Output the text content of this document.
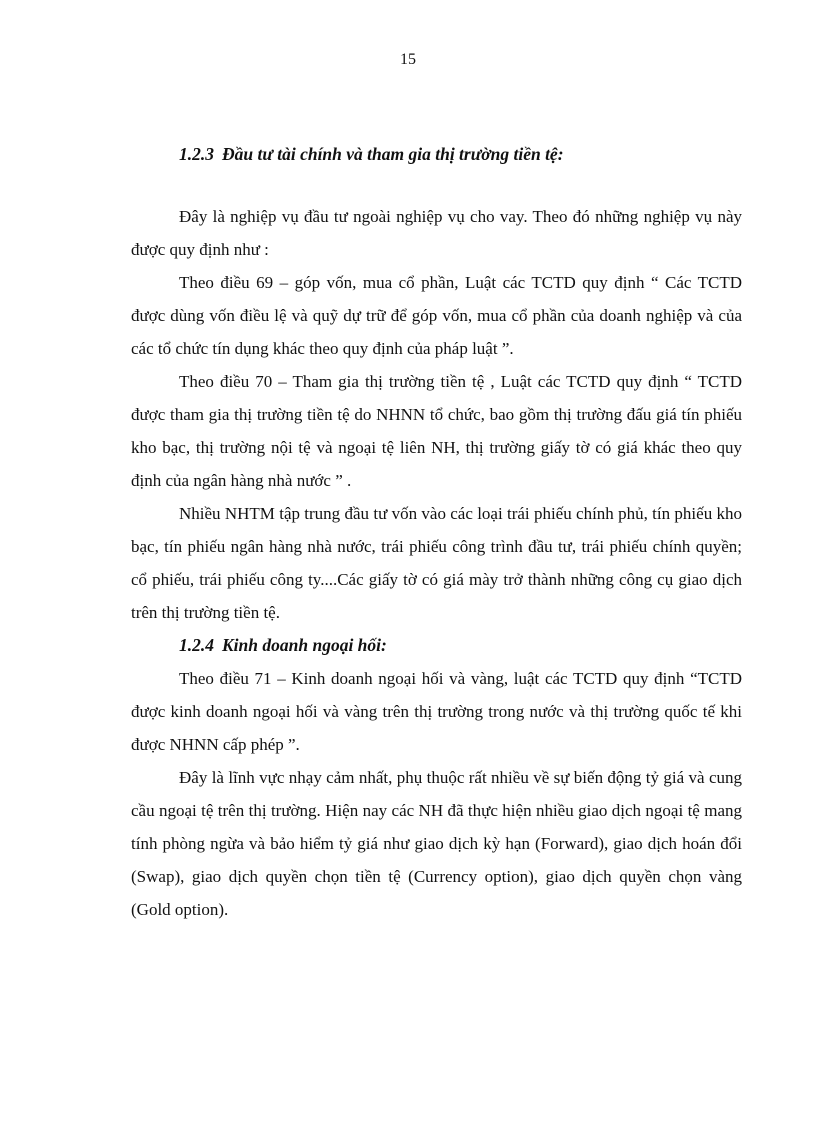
15
1.2.3 Đầu tư tài chính và tham gia thị trường tiền tệ:

Đây là nghiệp vụ đầu tư ngoài nghiệp vụ cho vay. Theo đó những nghiệp vụ này được quy định như :

Theo điều 69 – góp vốn, mua cổ phần, Luật các TCTD quy định “ Các TCTD được dùng vốn điều lệ và quỹ dự trữ để góp vốn, mua cổ phần của doanh nghiệp và của các tổ chức tín dụng khác theo quy định của pháp luật ”.

Theo điều 70 – Tham gia thị trường tiền tệ , Luật các TCTD quy định “ TCTD được tham gia thị trường tiền tệ do NHNN tổ chức, bao gồm thị trường đấu giá tín phiếu kho bạc, thị trường nội tệ và ngoại tệ liên NH, thị trường giấy tờ có giá khác theo quy định của ngân hàng nhà nước ” .

Nhiều NHTM tập trung đầu tư vốn vào các loại trái phiếu chính phủ, tín phiếu kho bạc, tín phiếu ngân hàng nhà nước, trái phiếu công trình đầu tư, trái phiếu chính quyền; cổ phiếu, trái phiếu công ty....Các giấy tờ có giá mày trở thành những công cụ giao dịch trên thị trường tiền tệ.

1.2.4 Kinh doanh ngoại hối:

Theo điều 71 – Kinh doanh ngoại hối và vàng, luật các TCTD quy định “TCTD được kinh doanh ngoại hối và vàng trên thị trường trong nước và thị trường quốc tế khi được NHNN cấp phép ”.

Đây là lĩnh vực nhạy cảm nhất, phụ thuộc rất nhiều về sự biến động tỷ giá và cung cầu ngoại tệ trên thị trường. Hiện nay các NH đã thực hiện nhiều giao dịch ngoại tệ mang tính phòng ngừa và bảo hiểm tỷ giá như giao dịch kỳ hạn (Forward), giao dịch hoán đổi (Swap), giao dịch quyền chọn tiền tệ (Currency option), giao dịch quyền chọn vàng (Gold option).
